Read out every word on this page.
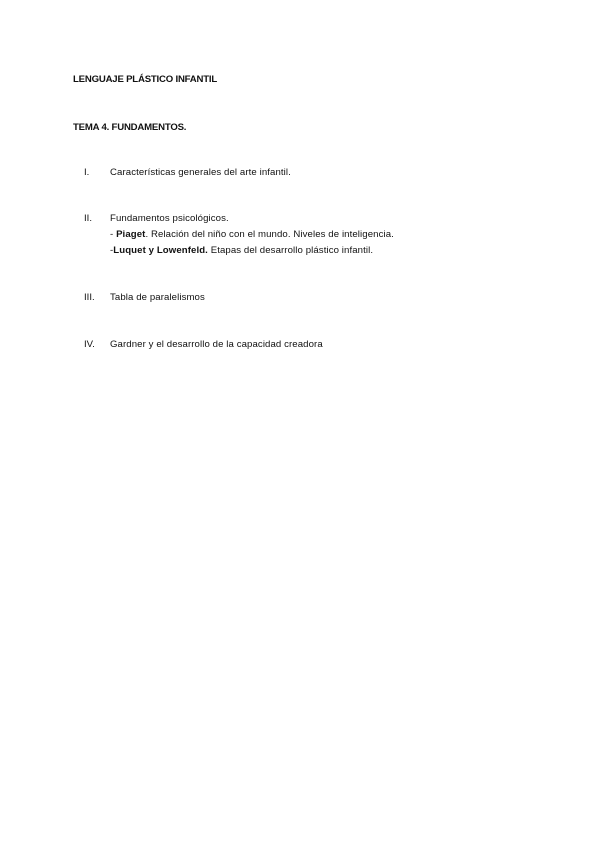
LENGUAJE PLÁSTICO INFANTIL
TEMA 4. FUNDAMENTOS.
I. Características generales del arte infantil.
II. Fundamentos psicológicos.
- Piaget. Relación del niño con el mundo. Niveles de inteligencia.
-Luquet y Lowenfeld. Etapas del desarrollo plástico infantil.
III. Tabla de paralelismos
IV. Gardner y el desarrollo de la capacidad creadora
